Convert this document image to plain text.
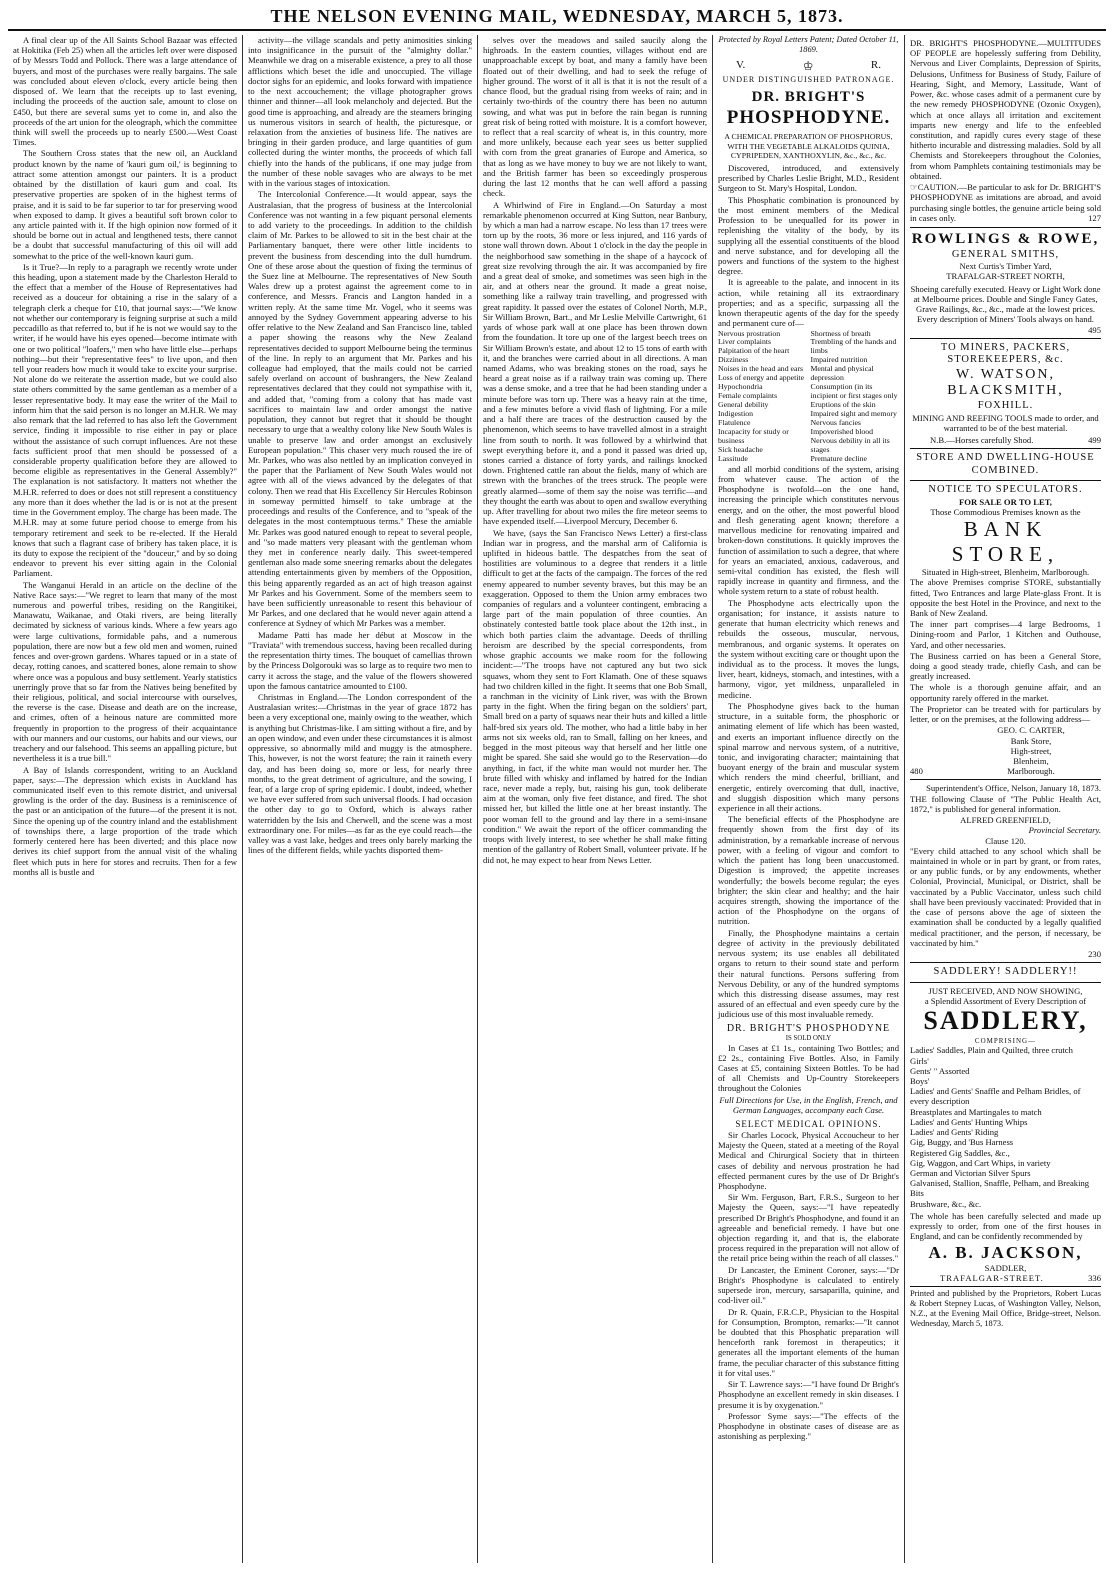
THE NELSON EVENING MAIL, WEDNESDAY, MARCH 5, 1873.

A final clear up of the All Saints School Bazaar was effected at Hokitika (Feb 25) when all the articles left over were disposed of by Messrs Todd and Pollock. There was a large attendance of buyers, and most of the purchases were really bargains. The sale was concluded about eleven o'clock, every article being then disposed of. We learn that the receipts up to last evening, including the proceeds of the auction sale, amount to close on £450, but there are several sums yet to come in, and also the proceeds of the art union for the oleograph, which the committee think will swell the proceeds up to nearly £500.—West Coast Times.

The Southern Cross states that the new oil, an Auckland product known by the name of 'kauri gum oil,' is beginning to attract some attention amongst our painters. It is a product obtained by the distillation of kauri gum and coal. Its preservative properties are spoken of in the highest terms of praise, and it is said to be far superior to tar for preserving wood when exposed to damp. It gives a beautiful soft brown color to any article painted with it. If the high opinion now formed of it should be borne out in actual and lengthened tests, there cannot be a doubt that successful manufacturing of this oil will add somewhat to the price of the well-known kauri gum.

Is it True?—In reply to a paragraph we recently wrote under this heading, upon a statement made by the Charleston Herald to the effect that a member of the House of Representatives had received as a douceur for obtaining a rise in the salary of a telegraph clerk a cheque for £10, that journal says:—"We know not whether our contemporary is feigning surprise at such a mild peccadillo as that referred to, but if he is not we would say to the writer, if he would have his eyes opened—become intimate with one or two political "loafers," men who have little else—perhaps nothing—but their "representative fees" to live upon, and then tell your readers how much it would take to excite your surprise. Not alone do we reiterate the assertion made, but we could also state others committed by the same gentleman as a member of a lesser representative body. It may ease the writer of the Mail to inform him that the said person is no longer an M.H.R. We may also remark that the lad referred to has also left the Government service, finding it impossible to rise either in pay or place without the assistance of such corrupt influences. Are not these facts sufficient proof that men should be possessed of a considerable property qualification before they are allowed to become eligible as representatives in the General Assembly?" The explanation is not satisfactory. It matters not whether the M.H.R. referred to does or does not still represent a constituency any more than it does whether the lad is or is not at the present time in the Government employ. The charge has been made. The M.H.R. may at some future period choose to emerge from his temporary retirement and seek to be re-elected. If the Herald knows that such a flagrant case of bribery has taken place, it is its duty to expose the recipient of the "douceur," and by so doing endeavor to prevent his ever sitting again in the Colonial Parliament.

The Wanganui Herald in an article on the decline of the Native Race says:—"We regret to learn that many of the most numerous and powerful tribes, residing on the Rangitikei, Manawatu, Waikanae, and Otaki rivers, are being literally decimated by sickness of various kinds. Where a few years ago were large cultivations, formidable pahs, and a numerous population, there are now but a few old men and women, ruined fences and over-grown gardens. Whares tapued or in a state of decay, rotting canoes, and scattered bones, alone remain to show where once was a populous and busy settlement. Yearly statistics unerringly prove that so far from the Natives being benefited by their religious, political, and social intercourse with ourselves, the reverse is the case. Disease and death are on the increase, and crimes, often of a heinous nature are committed more frequently in proportion to the progress of their acquaintance with our manners and our customs, our habits and our views, our treachery and our falsehood. This seems an appalling picture, but nevertheless it is a true bill."

A Bay of Islands correspondent, writing to an Auckland paper, says:—The depression which exists in Auckland has communicated itself even to this remote district, and universal growling is the order of the day. Business is a reminiscence of the past or an anticipation of the future—of the present it is not. Since the opening up of the country inland and the establishment of townships there, a large proportion of the trade which formerly centered here has been diverted; and this place now derives its chief support from the annual visit of the whaling fleet which puts in here for stores and recruits. Then for a few months all is bustle and

activity—the village scandals and petty animosities sinking into insignificance in the pursuit of the "almighty dollar." Meanwhile we drag on a miserable existence, a prey to all those afflictions which beset the idle and unoccupied. The village doctor sighs for an epidemic, and looks forward with impatience to the next accouchement; the village photographer grows thinner and thinner—all look melancholy and dejected. But the good time is approaching, and already are the steamers bringing us numerous visitors in search of health, the picturesque, or relaxation from the anxieties of business life. The natives are bringing in their garden produce, and large quantities of gum collected during the winter months, the proceeds of which fall chiefly into the hands of the publicans, if one may judge from the number of these noble savages who are always to be met with in the various stages of intoxication.

The Intercolonial Conference.—It would appear, says the Australasian, that the progress of business at the Intercolonial Conference was not wanting in a few piquant personal elements to add variety to the proceedings. In addition to the childish claim of Mr. Parkes to be allowed to sit in the best chair at the Parliamentary banquet, there were other little incidents to prevent the business from descending into the dull humdrum. One of these arose about the question of fixing the terminus of the Suez line at Melbourne. The representatives of New South Wales drew up a protest against the agreement come to in conference, and Messrs. Francis and Langton handed in a written reply. At the same time Mr. Vogel, who it seems was annoyed by the Sydney Government appearing adverse to his offer relative to the New Zealand and San Francisco line, tabled a paper showing the reasons why the New Zealand representatives decided to support Melbourne being the terminus of the line. In reply to an argument that Mr. Parkes and his colleague had employed, that the mails could not be carried safely overland on account of bushrangers, the New Zealand representatives declared that they could not sympathise with it, and added that, "coming from a colony that has made vast sacrifices to maintain law and order amongst the native population, they cannot but regret that it should be thought necessary to urge that a wealthy colony like New South Wales is unable to preserve law and order amongst an exclusively European population." This chaser very much roused the ire of Mr. Parkes, who was also nettled by an implication conveyed in the paper that the Parliament of New South Wales would not agree with all of the views advanced by the delegates of that colony. Then we read that His Excellency Sir Hercules Robinson in someway permitted himself to take umbrage at the proceedings and results of the Conference, and to "speak of the delegates in the most contemptuous terms." These the amiable Mr. Parkes was good natured enough to repeat to several people, and "so made matters very pleasant with the gentleman whom they met in conference nearly daily. This sweet-tempered gentleman also made some sneering remarks about the delegates attending entertainments given by members of the Opposition, this being apparently regarded as an act of high treason against Mr Parkes and his Government. Some of the members seem to have been sufficiently unreasonable to resent this behaviour of Mr Parkes, and one declared that he would never again attend a conference at Sydney of which Mr Parkes was a member.

Madame Patti has made her début at Moscow in the "Traviata" with tremendous success, having been recalled during the representation thirty times. The bouquet of camellias thrown by the Princess Dolgorouki was so large as to require two men to carry it across the stage, and the value of the flowers showered upon the famous cantatrice amounted to £100.

Christmas in England.—The London correspondent of the Australasian writes:—Christmas in the year of grace 1872 has been a very exceptional one, mainly owing to the weather, which is anything but Christmas-like. I am sitting without a fire, and by an open window, and even under these circumstances it is almost oppressive, so abnormally mild and muggy is the atmosphere. This, however, is not the worst feature; the rain it raineth every day, and has been doing so, more or less, for nearly three months, to the great detriment of agriculture, and the sowing, I fear, of a large crop of spring epidemic. I doubt, indeed, whether we have ever suffered from such universal floods. I had occasion the other day to go to Oxford, which is always rather waterridden by the Isis and Cherwell, and the scene was a most extraordinary one. For miles—as far as the eye could reach—the valley was a vast lake, hedges and trees only barely marking the lines of the different fields, while yachts disported them-

selves over the meadows and sailed saucily along the highroads. In the eastern counties, villages without end are unapproachable except by boat, and many a family have been floated out of their dwelling, and had to seek the refuge of higher ground. The worst of it all is that it is not the result of a chance flood, but the gradual rising from weeks of rain; and in certainly two-thirds of the country there has been no autumn sowing, and what was put in before the rain began is running great risk of being rotted with moisture. It is a comfort however, to reflect that a real scarcity of wheat is, in this country, more and more unlikely, because each year sees us better supplied with corn from the great granaries of Europe and America, so that as long as we have money to buy we are not likely to want, and the British farmer has been so exceedingly prosperous during the last 12 months that he can well afford a passing check.

A Whirlwind of Fire in England.—On Saturday a most remarkable phenomenon occurred at King Sutton, near Banbury, by which a man had a narrow escape. No less than 17 trees were torn up by the roots, 36 more or less injured, and 116 yards of stone wall thrown down. About 1 o'clock in the day the people in the neighborhood saw something in the shape of a haycock of great size revolving through the air. It was accompanied by fire and a great deal of smoke, and sometimes was seen high in the air, and at others near the ground. It made a great noise, something like a railway train travelling, and progressed with great rapidity. It passed over the estates of Colonel North, M.P., Sir William Brown, Bart., and Mr Leslie Melville Cartwright, 61 yards of whose park wall at one place has been thrown down from the foundation. It tore up one of the largest beech trees on Sir William Brown's estate, and about 12 to 15 tons of earth with it, and the branches were carried about in all directions. A man named Adams, who was breaking stones on the road, says he heard a great noise as if a railway train was coming up. There was a dense smoke, and a tree that he had been standing under a minute before was torn up. There was a heavy rain at the time, and a few minutes before a vivid flash of lightning. For a mile and a half there are traces of the destruction caused by the phenomenon, which seems to have travelled almost in a straight line from south to north. It was followed by a whirlwind that swept everything before it, and a pond it passed was dried up, stones carried a distance of forty yards, and railings knocked down. Frightened cattle ran about the fields, many of which are strewn with the branches of the trees struck. The people were greatly alarmed—some of them say the noise was terrific—and they thought the earth was about to open and swallow everything up. After travelling for about two miles the fire meteor seems to have expended itself.—Liverpool Mercury, December 6.

We have, (says the San Francisco News Letter) a first-class Indian war in progress, and the marshal arm of California is uplifted in hideous battle. The despatches from the seat of hostilities are voluminous to a degree that renders it a little difficult to get at the facts of the campaign. The forces of the red enemy appeared to number seventy braves, but this may be an exaggeration. Opposed to them the Union army embraces two companies of regulars and a volunteer contingent, embracing a large part of the main population of three counties. An obstinately contested battle took place about the 12th inst., in which both parties claim the advantage. Deeds of thrilling heroism are described by the special correspondents, from whose graphic accounts we make room for the following incident:—"The troops have not captured any but two sick squaws, whom they sent to Fort Klamath. One of these squaws had two children killed in the fight. It seems that one Bob Small, a ranchman in the vicinity of Link river, was with the Brown party in the fight. When the firing began on the soldiers' part, Small bred on a party of squaws near their huts and killed a little half-bred six years old. The mother, who had a little baby in her arms not six weeks old, ran to Small, falling on her knees, and begged in the most piteous way that herself and her little one might be spared. She said she would go to the Reservation—do anything, in fact, if the white man would not murder her. The brute filled with whisky and inflamed by hatred for the Indian race, never made a reply, but, raising his gun, took deliberate aim at the woman, only five feet distance, and fired. The shot missed her, but killed the little one at her breast instantly. The poor woman fell to the ground and lay there in a semi-insane condition." We await the report of the officer commanding the troops with lively interest, to see whether he shall make fitting mention of the gallantry of Robert Small, volunteer private. If he did not, he may expect to hear from News Letter.

Protected by Royal Letters Patent; Dated October 11, 1869.
V.	♔	R.
UNDER DISTINGUISHED PATRONAGE.
DR. BRIGHT'S
PHOSPHODYNE.
A CHEMICAL PREPARATION OF PHOSPHORUS, WITH THE VEGETABLE ALKALOIDS QUINIA, CYPRIPEDEN, XANTHOXYLIN, &c., &c., &c.

Discovered, introduced, and extensively prescribed by Charles Leslie Bright, M.D., Resident Surgeon to St. Mary's Hospital, London.

This Phosphatic combination is pronounced by the most eminent members of the Medical Profession to be unequalled for its power in replenishing the vitality of the body, by its supplying all the essential constituents of the blood and nerve substance, and for developing all the powers and functions of the system to the highest degree.

It is agreeable to the palate, and innocent in its action, while retaining all its extraordinary properties; and as a specific, surpassing all the known therapeutic agents of the day for the speedy and permanent cure of—

Nervous prostration
Liver complaints
Palpitation of the heart
Dizziness
Noises in the head and ears
Loss of energy and appetite
Hypochondria
Female complaints
General debility
Indigestion
Flatulence
Incapacity for study or business
Sick headache
Lassitude
Shortness of breath
Trembling of the hands and limbs
Impaired nutrition
Mental and physical depression
Consumption (in its incipient or first stages only
Eruptions of the skin
Impaired sight and memory
Nervous fancies
Impoverished blood
Nervous debility in all its stages
Premature decline

and all morbid conditions of the system, arising from whatever cause. The action of the Phosphodyne is twofold—on the one hand, increasing the principle which constitutes nervous energy, and on the other, the most powerful blood and flesh generating agent known; therefore a marvellous medicine for renovating impaired and broken-down constitutions. It quickly improves the function of assimilation to such a degree, that where for years an emaciated, anxious, cadaverous, and semi-vital condition has existed, the flesh will rapidly increase in quantity and firmness, and the whole system return to a state of robust health.

The Phosphodyne acts electrically upon the organisation; for instance, it assists nature to generate that human electricity which renews and rebuilds the osseous, muscular, nervous, membranous, and organic systems. It operates on the system without exciting care or thought upon the individual as to the process. It moves the lungs, liver, heart, kidneys, stomach, and intestines, with a harmony, vigor, yet mildness, unparalleled in medicine.

The Phosphodyne gives back to the human structure, in a suitable form, the phosphoric or animating element of life which has been wasted, and exerts an important influence directly on the spinal marrow and nervous system, of a nutritive, tonic, and invigorating character; maintaining that buoyant energy of the brain and muscular system which renders the mind cheerful, brilliant, and energetic, entirely overcoming that dull, inactive, and sluggish disposition which many persons experience in all their actions.

The beneficial effects of the Phosphodyne are frequently shown from the first day of its administration, by a remarkable increase of nervous power, with a feeling of vigour and comfort to which the patient has long been unaccustomed. Digestion is improved; the appetite increases wonderfully; the bowels become regular; the eyes brighter; the skin clear and healthy; and the hair acquires strength, showing the importance of the action of the Phosphodyne on the organs of nutrition.

Finally, the Phosphodyne maintains a certain degree of activity in the previously debilitated nervous system; its use enables all debilitated organs to return to their sound state and perform their natural functions. Persons suffering from Nervous Debility, or any of the hundred symptoms which this distressing disease assumes, may rest assured of an effectual and even speedy cure by the judicious use of this most invaluable remedy.

DR. BRIGHT'S PHOSPHODYNE
IS SOLD ONLY

In Cases at £1 1s., containing Two Bottles; and £2 2s., containing Five Bottles. Also, in Family Cases at £5, containing Sixteen Bottles. To be had of all Chemists and Up-Country Storekeepers throughout the Colonies

Full Directions for Use, in the English, French, and German Languages, accompany each Case.
SELECT MEDICAL OPINIONS.

Sir Charles Locock, Physical Accoucheur to her Majesty the Queen, stated at a meeting of the Royal Medical and Chirurgical Society that in thirteen cases of debility and nervous prostration he had effected permanent cures by the use of Dr Bright's Phosphodyne.

Sir Wm. Ferguson, Bart, F.R.S., Surgeon to her Majesty the Queen, says:—"I have repeatedly prescribed Dr Bright's Phosphodyne, and found it an agreeable and beneficial remedy. I have but one objection regarding it, and that is, the elaborate process required in the preparation will not allow of the retail price being within the reach of all classes."

Dr Lancaster, the Eminent Coroner, says:—"Dr Bright's Phosphodyne is calculated to entirely supersede iron, mercury, sarsaparilla, quinine, and cod-liver oil."

Dr R. Quain, F.R.C.P., Physician to the Hospital for Consumption, Brompton, remarks:—"It cannot be doubted that this Phosphatic preparation will henceforth rank foremost in therapeutics; it generates all the important elements of the human frame, the peculiar character of this substance fitting it for vital uses."

Sir T. Lawrence says:—"I have found Dr Bright's Phosphodyne an excellent remedy in skin diseases. I presume it is by oxygenation."

Professor Syme says:—"The effects of the Phosphodyne in obstinate cases of disease are as astonishing as perplexing."

DR. BRIGHT'S PHOSPHODYNE.—MULTITUDES OF PEOPLE are hopelessly suffering from Debility, Nervous and Liver Complaints, Depression of Spirits, Delusions, Unfitness for Business of Study, Failure of Hearing, Sight, and Memory, Lassitude, Want of Power, &c. whose cases admit of a permanent cure by the new remedy PHOSPHODYNE (Ozonic Oxygen), which at once allays all irritation and excitement imparts new energy and life to the enfeebled constitution, and rapidly cures every stage of these hitherto incurable and distressing maladies. Sold by all Chemists and Storekeepers throughout the Colonies, from whom Pamphlets containing testimonials may be obtained.

☞CAUTION.—Be particular to ask for Dr. BRIGHT'S PHOSPHODYNE as imitations are abroad, and avoid purchasing single bottles, the genuine article being sold in cases only.	127

ROWLINGS & ROWE,
GENERAL SMITHS,
Next Curtis's Timber Yard,
TRAFALGAR-STREET NORTH,
Shoeing carefully executed. Heavy or Light Work done at Melbourne prices. Double and Single Fancy Gates, Grave Railings, &c., &c., made at the lowest prices. Every description of Miners' Tools always on hand.
495
TO MINERS, PACKERS, STOREKEEPERS, &c.
W. WATSON, BLACKSMITH,
FOXHILL.
MINING AND REEFING TOOLS made to order, and warranted to be of the best material.
N.B.—Horses carefully Shod.	499
STORE AND DWELLING-HOUSE COMBINED.
NOTICE TO SPECULATORS.
FOR SALE OR TO LET,
Those Commodious Premises known as the
BANK STORE,
Situated in High-street, Blenheim, Marlborough.

The above Premises comprise STORE, substantially fitted, Two Entrances and large Plate-glass Front. It is opposite the best Hotel in the Province, and next to the Bank of New Zealand.

The inner part comprises—4 large Bedrooms, 1 Dining-room and Parlor, 1 Kitchen and Outhouse, Yard, and other necessaries.

The Business carried on has been a General Store, doing a good steady trade, chiefly Cash, and can be greatly increased.

The whole is a thorough genuine affair, and an opportunity rarely offered in the market.

The Proprietor can be treated with for particulars by letter, or on the premises, at the following address—

480
GEO. C. CARTER,
Bank Store,
High-street,
Blenheim,
Marlborough.
Superintendent's Office, Nelson, January 18, 1873.

THE following Clause of "The Public Health Act, 1872," is published for general information.

ALFRED GREENFIELD,
Provincial Secretary.
Clause 120.

"Every child attached to any school which shall be maintained in whole or in part by grant, or from rates, or any public funds, or by any endowments, whether Colonial, Provincial, Municipal, or District, shall be vaccinated by a Public Vaccinator, unless such child shall have been previously vaccinated: Provided that in the case of persons above the age of sixteen the examination shall be conducted by a legally qualified medical practitioner, and the person, if necessary, be vaccinated by him."

230
SADDLERY! SADDLERY!!
JUST RECEIVED, AND NOW SHOWING,
a Splendid Assortment of Every Description of
SADDLERY,
COMPRISING—
Ladies' Saddles, Plain and Quilted, three crutch
Girls'
Gents' " Assorted
Boys'
Ladies' and Gents' Snaffle and Pelham Bridles, of every description
Breastplates and Martingales to match
Ladies' and Gents' Hunting Whips
Ladies' and Gents' Riding
Gig, Buggy, and 'Bus Harness
Registered Gig Saddles, &c.,
Gig, Waggon, and Cart Whips, in variety
German and Victorian Silver Spurs
Galvanised, Stallion, Snaffle, Pelham, and Breaking Bits
Brushware, &c., &c.

The whole has been carefully selected and made up expressly to order, from one of the first houses in England, and can be confidently recommended by

A. B. JACKSON,
SADDLER,
TRAFALGAR-STREET.	336
Printed and published by the Proprietors, Robert Lucas & Robert Stepney Lucas, of Washington Valley, Nelson, N.Z., at the Evening Mail Office, Bridge-street, Nelson. Wednesday, March 5, 1873.
